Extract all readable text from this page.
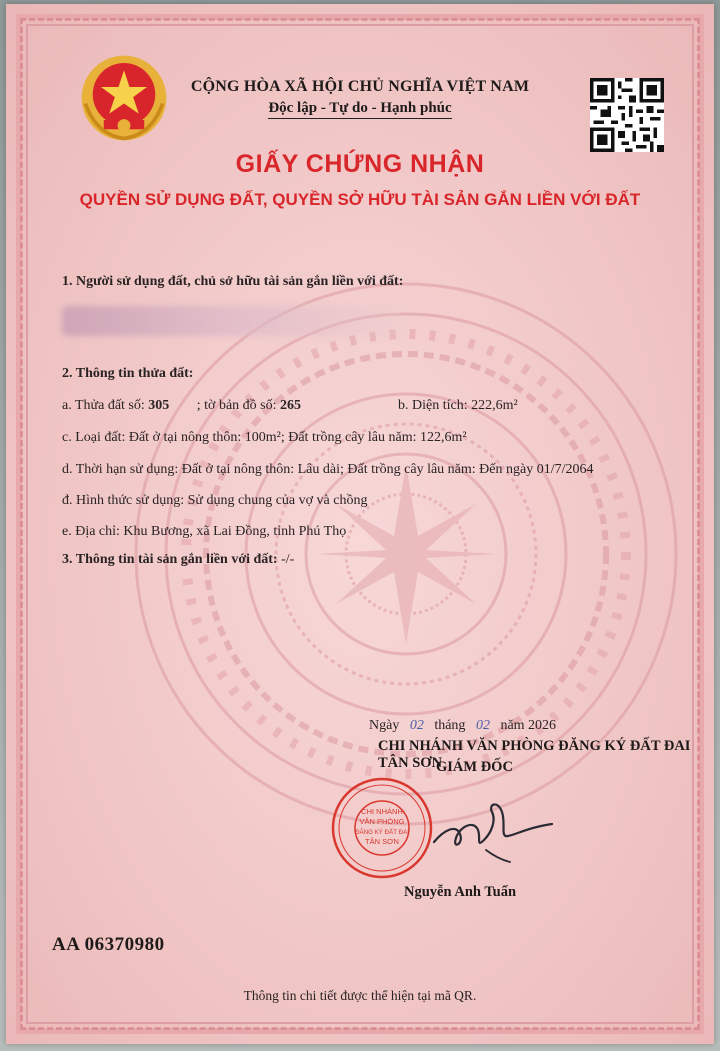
CỘNG HÒA XÃ HỘI CHỦ NGHĨA VIỆT NAM
Độc lập - Tự do - Hạnh phúc
GIẤY CHỨNG NHẬN
QUYỀN SỬ DỤNG ĐẤT, QUYỀN SỞ HỮU TÀI SẢN GẮN LIỀN VỚI ĐẤT
1. Người sử dụng đất, chủ sở hữu tài sản gắn liền với đất:
2. Thông tin thửa đất:
a. Thửa đất số: 305 ; tờ bản đồ số: 265	b. Diện tích: 222,6m²
c. Loại đất: Đất ở tại nông thôn: 100m²; Đất trồng cây lâu năm: 122,6m²
d. Thời hạn sử dụng: Đất ở tại nông thôn: Lâu dài; Đất trồng cây lâu năm: Đến ngày 01/7/2064
đ. Hình thức sử dụng: Sử dụng chung của vợ và chồng
e. Địa chỉ: Khu Bương, xã Lai Đồng, tỉnh Phú Thọ
3. Thông tin tài sản gắn liền với đất: -/-
Ngày 02 tháng 02 năm 2026
CHI NHÁNH VĂN PHÒNG ĐĂNG KÝ ĐẤT ĐAI TÂN SƠN
GIÁM ĐỐC
CHI NHÁNH
VĂN PHÒNG
ĐĂNG KÝ ĐẤT ĐAI
TÂN SƠN
Nguyễn Anh Tuấn
AA 06370980
Thông tin chi tiết được thể hiện tại mã QR.
